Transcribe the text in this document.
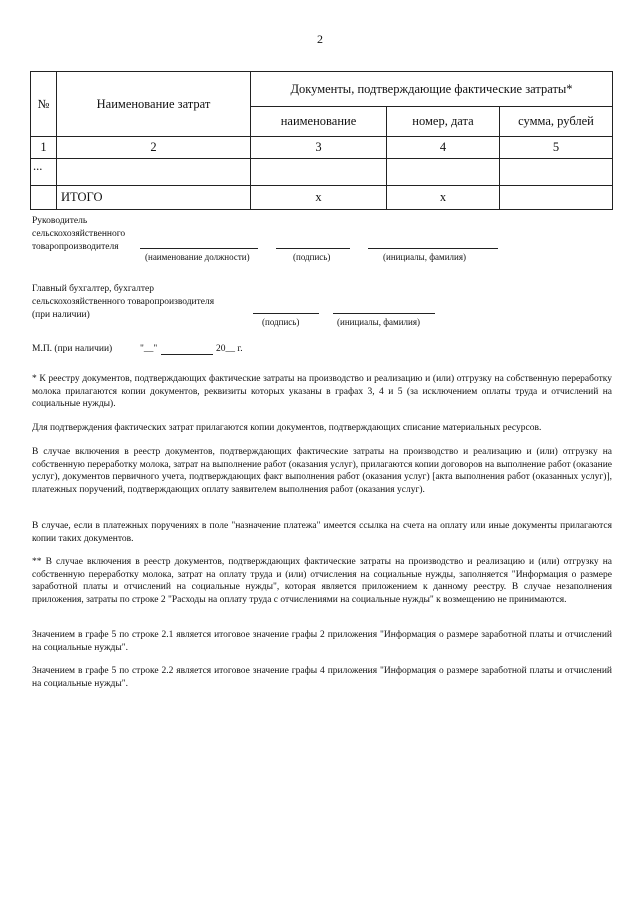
2
№	Наименование затрат	Документы, подтверждающие фактические затраты*		
		наименование	номер, дата	сумма, рублей
1	2	3	4	5
...				
	ИТОГО	х	х	
Руководитель
сельскохозяйственного
товаропроизводителя
(наименование должности)	(подпись)	(инициалы, фамилия)
Главный бухгалтер, бухгалтер
сельскохозяйственного товаропроизводителя
(при наличии)
(подпись)	(инициалы, фамилия)
М.П. (при наличии)	"__"	20__ г.
* К реестру документов, подтверждающих фактические затраты на производство и реализацию и (или) отгрузку на собственную переработку молока прилагаются копии документов, реквизиты которых указаны в графах 3, 4 и 5 (за исключением оплаты труда и отчислений на социальные нужды).
Для подтверждения фактических затрат прилагаются копии документов, подтверждающих списание материальных ресурсов.
В случае включения в реестр документов, подтверждающих фактические затраты на производство и реализацию и (или) отгрузку на собственную переработку молока, затрат на выполнение работ (оказания услуг), прилагаются копии договоров на выполнение работ (оказание услуг), документов первичного учета, подтверждающих факт выполнения работ (оказания услуг) [акта выполнения работ (оказанных услуг)], платежных поручений, подтверждающих оплату заявителем выполнения работ (оказания услуг).
В случае, если в платежных поручениях в поле "назначение платежа" имеется ссылка на счета на оплату или иные документы прилагаются копии таких документов.
** В случае включения в реестр документов, подтверждающих фактические затраты на производство и реализацию и (или) отгрузку на собственную переработку молока, затрат на оплату труда и (или) отчисления на социальные нужды, заполняется "Информация о размере заработной платы и отчислений на социальные нужды", которая является приложением к данному реестру. В случае незаполнения приложения, затраты по строке 2 "Расходы на оплату труда с отчислениями на социальные нужды" к возмещению не принимаются.
Значением в графе 5 по строке 2.1 является итоговое значение графы 2 приложения "Информация о размере заработной платы и отчислений на социальные нужды".
Значением в графе 5 по строке 2.2 является итоговое значение графы 4 приложения "Информация о размере заработной платы и отчислений на социальные нужды".
